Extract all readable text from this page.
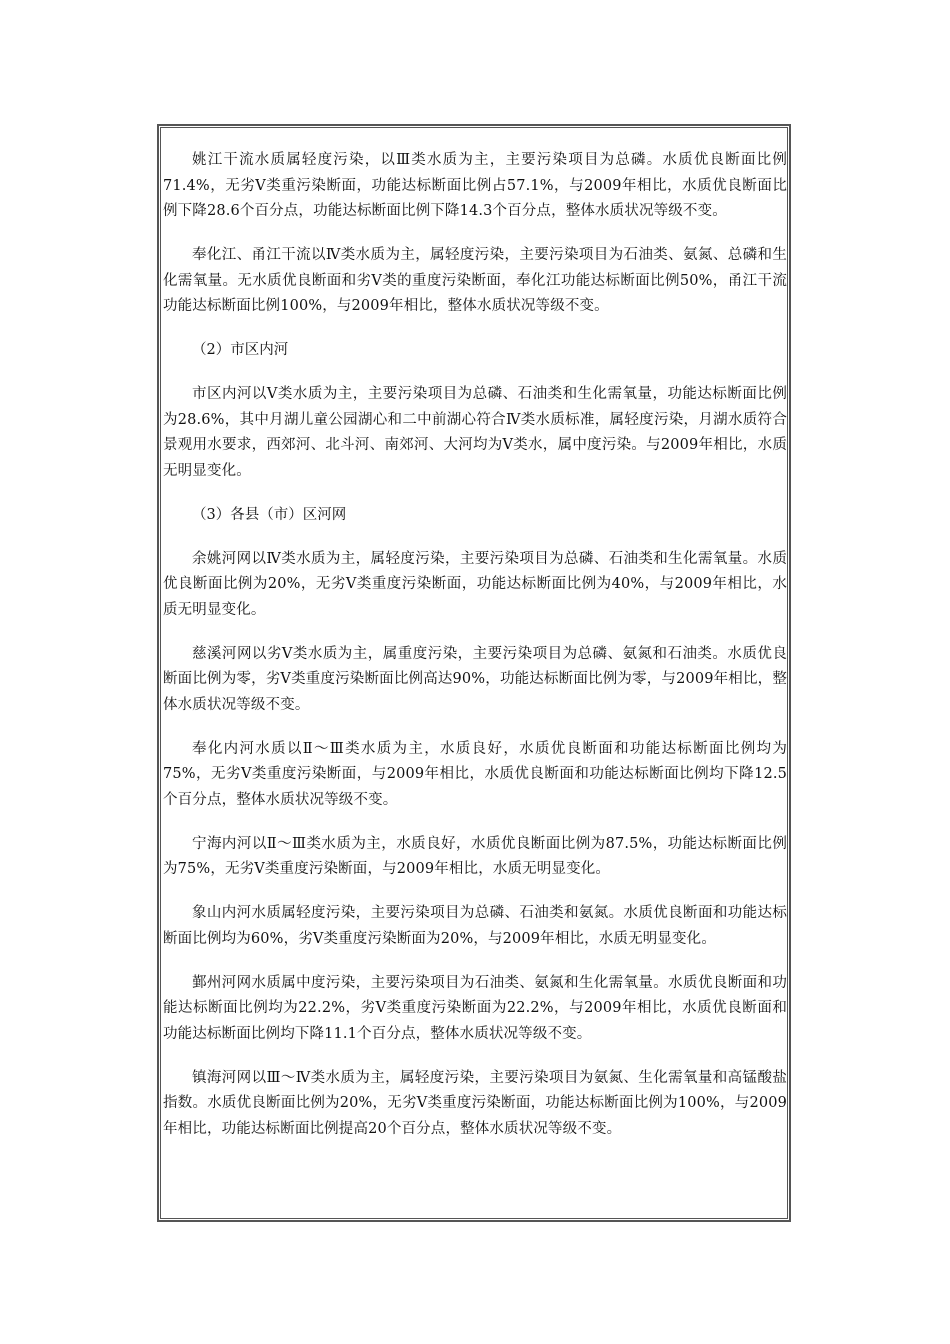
姚江干流水质属轻度污染，以Ⅲ类水质为主，主要污染项目为总磷。水质优良断面比例71.4%，无劣Ⅴ类重污染断面，功能达标断面比例占57.1%，与2009年相比，水质优良断面比例下降28.6个百分点，功能达标断面比例下降14.3个百分点，整体水质状况等级不变。

奉化江、甬江干流以Ⅳ类水质为主，属轻度污染，主要污染项目为石油类、氨氮、总磷和生化需氧量。无水质优良断面和劣Ⅴ类的重度污染断面，奉化江功能达标断面比例50%，甬江干流功能达标断面比例100%，与2009年相比，整体水质状况等级不变。

（2）市区内河

市区内河以Ⅴ类水质为主，主要污染项目为总磷、石油类和生化需氧量，功能达标断面比例为28.6%，其中月湖儿童公园湖心和二中前湖心符合Ⅳ类水质标准，属轻度污染，月湖水质符合景观用水要求，西郊河、北斗河、南郊河、大河均为Ⅴ类水，属中度污染。与2009年相比，水质无明显变化。

（3）各县（市）区河网

余姚河网以Ⅳ类水质为主，属轻度污染，主要污染项目为总磷、石油类和生化需氧量。水质优良断面比例为20%，无劣Ⅴ类重度污染断面，功能达标断面比例为40%，与2009年相比，水质无明显变化。

慈溪河网以劣Ⅴ类水质为主，属重度污染，主要污染项目为总磷、氨氮和石油类。水质优良断面比例为零，劣Ⅴ类重度污染断面比例高达90%，功能达标断面比例为零，与2009年相比，整体水质状况等级不变。

奉化内河水质以Ⅱ～Ⅲ类水质为主，水质良好，水质优良断面和功能达标断面比例均为75%，无劣Ⅴ类重度污染断面，与2009年相比，水质优良断面和功能达标断面比例均下降12.5个百分点，整体水质状况等级不变。

宁海内河以Ⅱ～Ⅲ类水质为主，水质良好，水质优良断面比例为87.5%，功能达标断面比例为75%，无劣Ⅴ类重度污染断面，与2009年相比，水质无明显变化。

象山内河水质属轻度污染，主要污染项目为总磷、石油类和氨氮。水质优良断面和功能达标断面比例均为60%，劣Ⅴ类重度污染断面为20%，与2009年相比，水质无明显变化。

鄞州河网水质属中度污染，主要污染项目为石油类、氨氮和生化需氧量。水质优良断面和功能达标断面比例均为22.2%，劣Ⅴ类重度污染断面为22.2%，与2009年相比，水质优良断面和功能达标断面比例均下降11.1个百分点，整体水质状况等级不变。

镇海河网以Ⅲ～Ⅳ类水质为主，属轻度污染，主要污染项目为氨氮、生化需氧量和高锰酸盐指数。水质优良断面比例为20%，无劣Ⅴ类重度污染断面，功能达标断面比例为100%，与2009年相比，功能达标断面比例提高20个百分点，整体水质状况等级不变。
